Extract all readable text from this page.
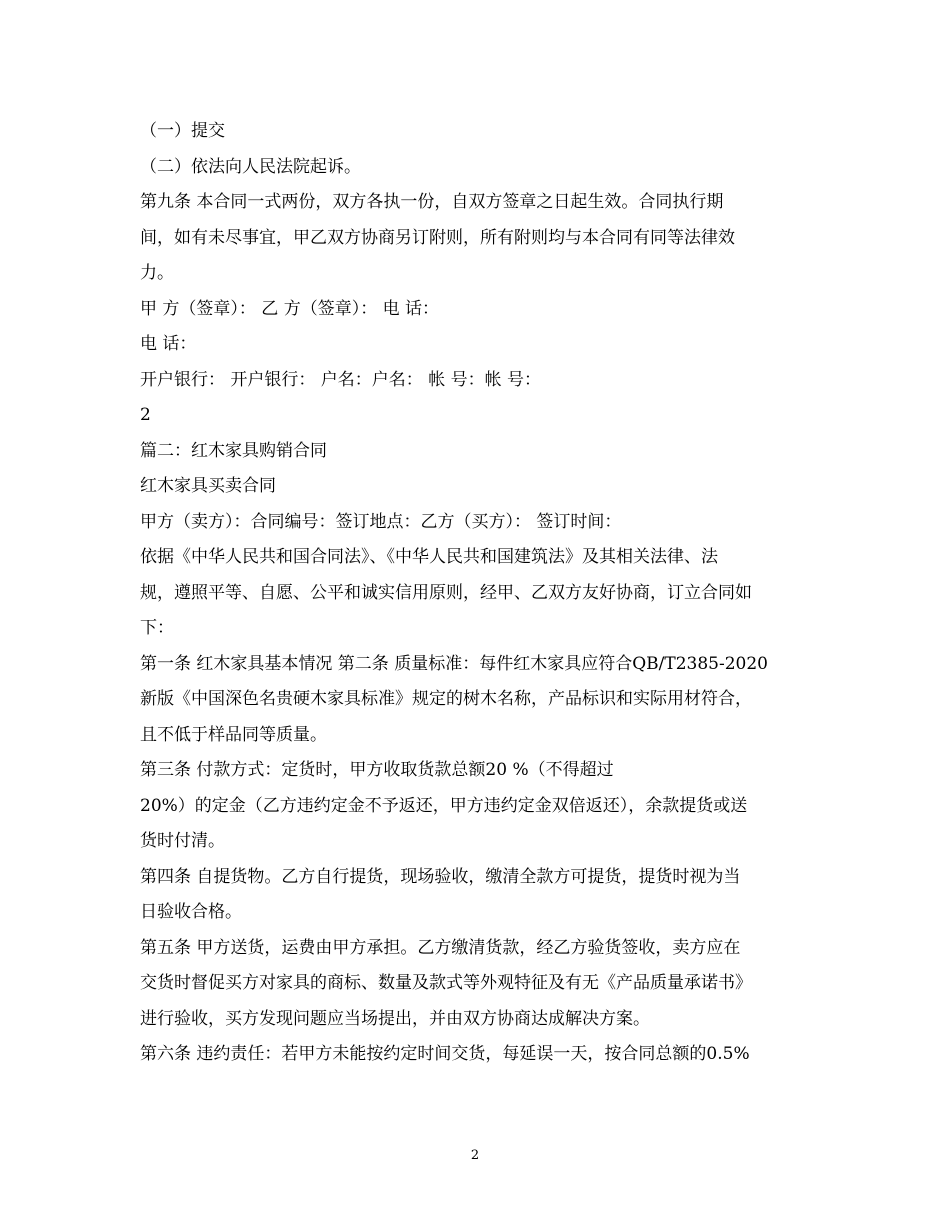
（一）提交
（二）依法向人民法院起诉。
第九条 本合同一式两份，双方各执一份，自双方签章之日起生效。合同执行期
间，如有未尽事宜，甲乙双方协商另订附则，所有附则均与本合同有同等法律效
力。
甲 方（签章）： 乙 方（签章）： 电 话：
电 话：
开户银行： 开户银行： 户名：户名： 帐 号：帐 号：
2
篇二：红木家具购销合同
红木家具买卖合同
甲方（卖方）：合同编号：签订地点：乙方（买方）： 签订时间：
依据《中华人民共和国合同法》、《中华人民共和国建筑法》及其相关法律、法
规，遵照平等、自愿、公平和诚实信用原则，经甲、乙双方友好协商，订立合同如
下：
第一条 红木家具基本情况 第二条 质量标准：每件红木家具应符合QB/T2385-2020
新版《中国深色名贵硬木家具标准》规定的树木名称，产品标识和实际用材符合，
且不低于样品同等质量。
第三条 付款方式：定货时，甲方收取货款总额20 %（不得超过
20%）的定金（乙方违约定金不予返还，甲方违约定金双倍返还），余款提货或送
货时付清。
第四条 自提货物。乙方自行提货，现场验收，缴清全款方可提货，提货时视为当
日验收合格。
第五条 甲方送货，运费由甲方承担。乙方缴清货款，经乙方验货签收，卖方应在
交货时督促买方对家具的商标、数量及款式等外观特征及有无《产品质量承诺书》
进行验收，买方发现问题应当场提出，并由双方协商达成解决方案。
第六条 违约责任：若甲方未能按约定时间交货，每延误一天，按合同总额的0.5%
2
